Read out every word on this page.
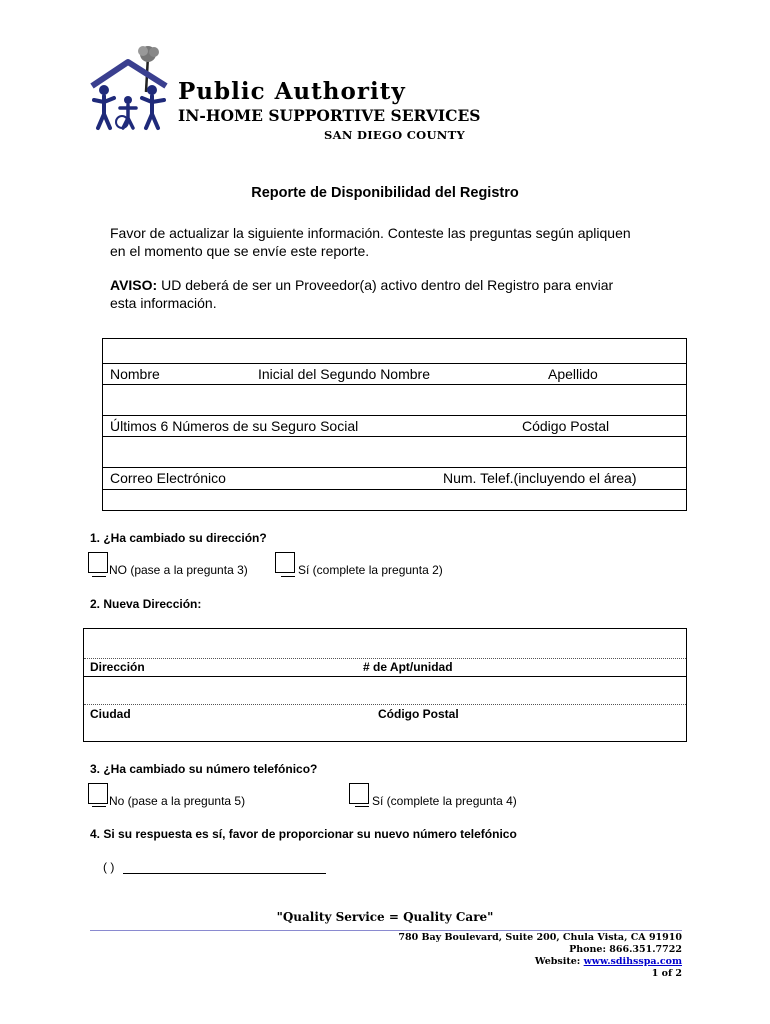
Public Authority
IN-HOME SUPPORTIVE SERVICES
SAN DIEGO COUNTY
Reporte de Disponibilidad del Registro
Favor de actualizar la siguiente información. Conteste las preguntas según apliquen
en el momento que se envíe este reporte.
AVISO: UD deberá de ser un Proveedor(a) activo dentro del Registro para enviar
esta información.
Nombre	Inicial del Segundo Nombre	Apellido
Últimos 6 Números de su Seguro Social	Código Postal
Correo Electrónico	Num. Telef.(incluyendo el área)
1. ¿Ha cambiado su dirección?
NO (pase a la pregunta 3)	Sí (complete la pregunta 2)
2. Nueva Dirección:
Dirección	# de Apt/unidad
Ciudad	Código Postal
3. ¿Ha cambiado su número telefónico?
No (pase a la pregunta 5)	Sí (complete la pregunta 4)
4. Si su respuesta es sí, favor de proporcionar su nuevo número telefónico
( )
"Quality Service = Quality Care"
780 Bay Boulevard, Suite 200, Chula Vista, CA 91910
Phone: 866.351.7722
Website: www.sdihsspa.com
1 of 2
